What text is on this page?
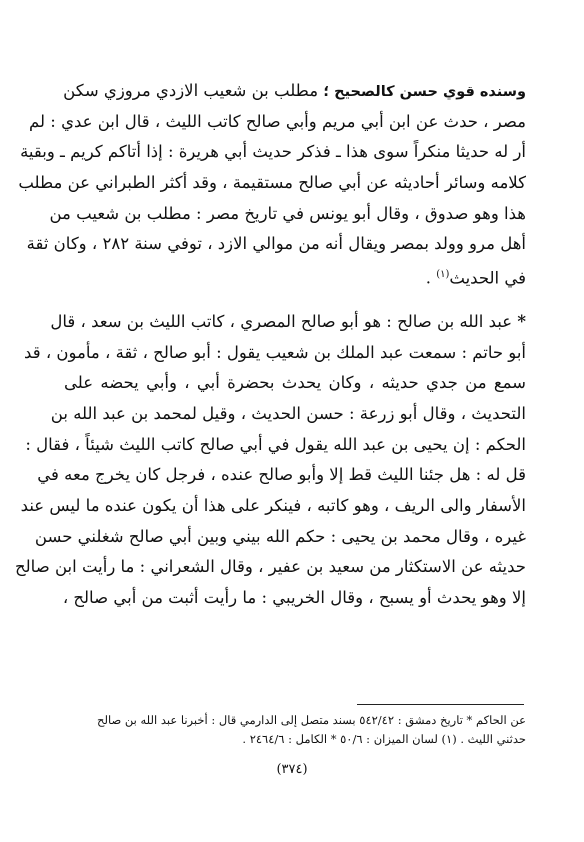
وسنده قوي حسن كالصحيح ؛ مطلب بن شعيب الازدي مروزي سكن
مصر ، حدث عن ابن أبي مريم وأبي صالح كاتب الليث ، قال ابن عدي : لم
أر له حديثا منكراً سوى هذا ـ فذكر حديث أبي هريرة : إذا أتاكم كريم ـ وبقية
كلامه وسائر أحاديثه عن أبي صالح مستقيمة ، وقد أكثر الطبراني عن مطلب
هذا وهو صدوق ، وقال أبو يونس في تاريخ مصر : مطلب بن شعيب من
أهل مرو وولد بمصر ويقال أنه من موالي الازد ، توفي سنة ٢٨٢ ، وكان ثقة
في الحديث$^{(١)}$ .
* عبد الله بن صالح : هو أبو صالح المصري ، كاتب الليث بن سعد ، قال
أبو حاتم : سمعت عبد الملك بن شعيب يقول : أبو صالح ، ثقة ، مأمون ، قد
سمع من جدي حديثه ، وكان يحدث بحضرة أبي ، وأبي يحضه على
التحديث ، وقال أبو زرعة : حسن الحديث ، وقيل لمحمد بن عبد الله بن
الحكم : إن يحيى بن عبد الله يقول في أبي صالح كاتب الليث شيئاً ، فقال :
قل له : هل جئنا الليث قط إلا وأبو صالح عنده ، فرجل كان يخرج معه في
الأسفار والى الريف ، وهو كاتبه ، فينكر على هذا أن يكون عنده ما ليس عند
غيره ، وقال محمد بن يحيى : حكم الله بيني وبين أبي صالح شغلني حسن
حديثه عن الاستكثار من سعيد بن عفير ، وقال الشعراني : ما رأيت ابن صالح
إلا وهو يحدث أو يسبح ، وقال الخريبي : ما رأيت أثبت من أبي صالح ،
عن الحاكم * تاريخ دمشق : ٥٤٢/٤٢ بسند متصل إلى الدارمي قال : أخبرنا عبد الله بن صالح
حدثني الليث . (١) لسان الميزان : ٥٠/٦ * الكامل : ٢٤٦٤/٦ .
(٣٧٤)
